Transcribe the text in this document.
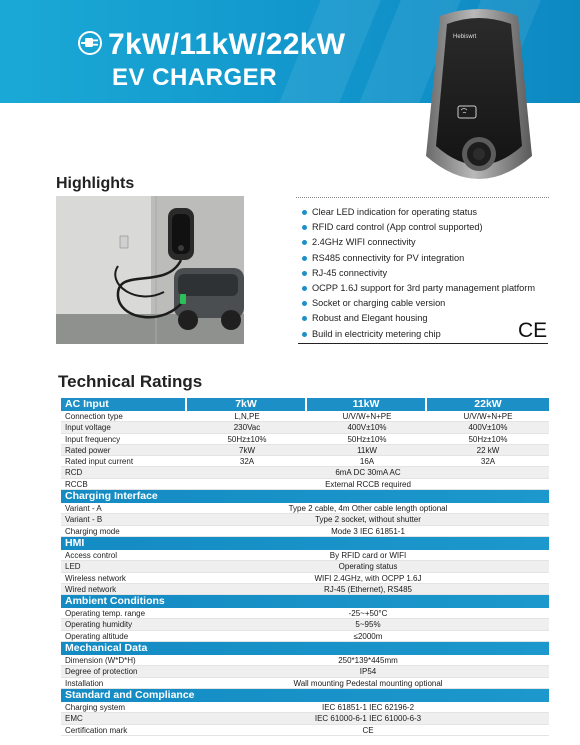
7kW/11kW/22kW
EV CHARGER
Hebiswrt
Highlights
Clear LED indication for operating status
RFID card control (App control supported)
2.4GHz WIFI connectivity
RS485 connectivity for PV integration
RJ-45 connectivity
OCPP 1.6J support for 3rd party management platform
Socket or charging cable version
Robust and Elegant housing
Build in electricity metering chip	CE
Technical Ratings
AC Input	7kW	11kW	22kW
Connection type	L,N,PE	U/V/W+N+PE	U/V/W+N+PE
Input voltage	230Vac	400V±10%	400V±10%
Input frequency	50Hz±10%	50Hz±10%	50Hz±10%
Rated power	7kW	11kW	22 kW
Rated input current	32A	16A	32A
RCD	6mA DC 30mA AC
RCCB	External RCCB required
Charging Interface
Variant - A	Type 2 cable, 4m Other cable length optional
Variant - B	Type 2 socket, without shutter
Charging mode	Mode 3 IEC 61851-1
HMI
Access control	By RFID card or WIFI
LED	Operating status
Wireless network	WIFI 2.4GHz, with OCPP 1.6J
Wired network	RJ-45 (Ethernet), RS485
Ambient Conditions
Operating temp. range	-25~+50°C
Operating humidity	5~95%
Operating altitude	≤2000m
Mechanical Data
Dimension (W*D*H)	250*139*445mm
Degree of protection	IP54
Installation	Wall mounting Pedestal mounting optional
Standard and Compliance
Charging system	IEC 61851-1 IEC 62196-2
EMC	IEC 61000-6-1 IEC 61000-6-3
Certification mark	CE
